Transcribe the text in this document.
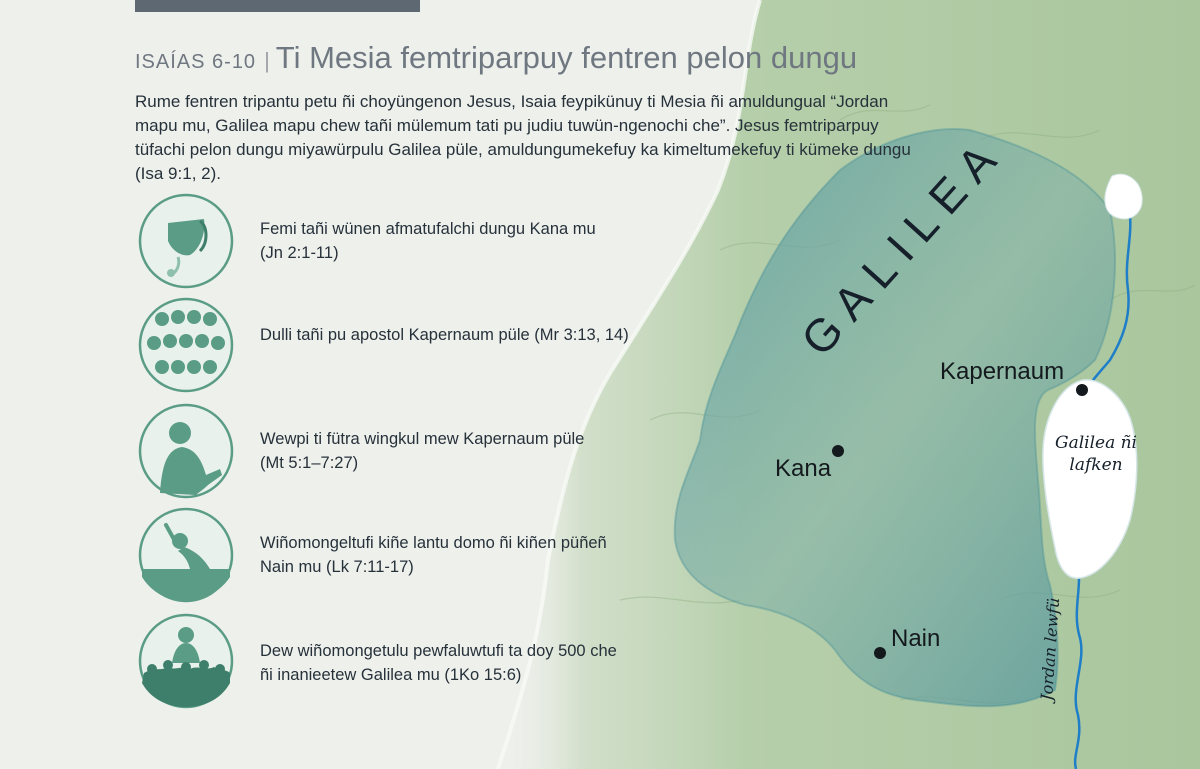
ISAÍAS 6-10 | Ti Mesia femtriparpuy fentren pelon dungu

Rume fentren tripantu petu ñi choyüngenon Jesus, Isaia feypikünuy ti Mesia ñi amuldungual “Jordan mapu mu, Galilea mapu chew tañi mülemum tati pu judiu tuwün-ngenochi che”. Jesus femtriparpuy tüfachi pelon dungu miyawürpulu Galilea püle, amuldungumekefuy ka kimeltumekefuy ti kümeke dungu (Isa 9:1, 2).

Femi tañi wünen afmatufalchi dungu Kana mu
(Jn 2:1-11)
Dulli tañi pu apostol Kapernaum püle (Mr 3:13, 14)
Wewpi ti fütra wingkul mew Kapernaum püle
(Mt 5:1–7:27)
Wiñomongeltufi kiñe lantu domo ñi kiñen püñeñ
Nain mu (Lk 7:11-17)
Dew wiñomongetulu pewfaluwtufi ta doy 500 che
ñi inanieetew Galilea mu (1Ko 15:6)
GALILEA
Kapernaum
Kana
Nain
Galilea ñi
lafken
Jordan lewfü
